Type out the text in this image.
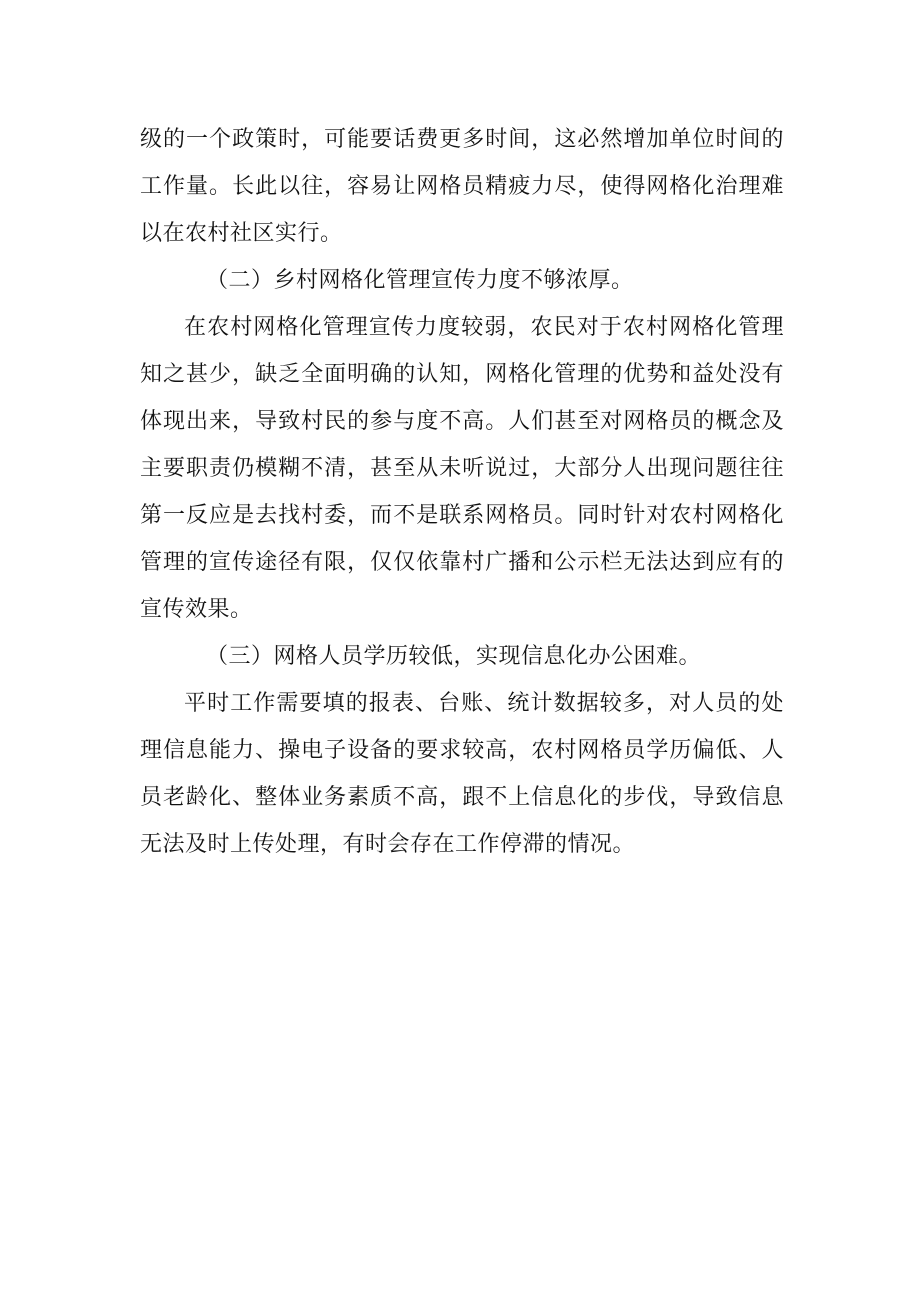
级的一个政策时，可能要话费更多时间，这必然增加单位时间的工作量。长此以往，容易让网格员精疲力尽，使得网格化治理难以在农村社区实行。

（二）乡村网格化管理宣传力度不够浓厚。

在农村网格化管理宣传力度较弱，农民对于农村网格化管理知之甚少，缺乏全面明确的认知，网格化管理的优势和益处没有体现出来，导致村民的参与度不高。人们甚至对网格员的概念及主要职责仍模糊不清，甚至从未听说过，大部分人出现问题往往第一反应是去找村委，而不是联系网格员。同时针对农村网格化管理的宣传途径有限，仅仅依靠村广播和公示栏无法达到应有的宣传效果。

（三）网格人员学历较低，实现信息化办公困难。

平时工作需要填的报表、台账、统计数据较多，对人员的处理信息能力、操电子设备的要求较高，农村网格员学历偏低、人员老龄化、整体业务素质不高，跟不上信息化的步伐，导致信息无法及时上传处理，有时会存在工作停滞的情况。
